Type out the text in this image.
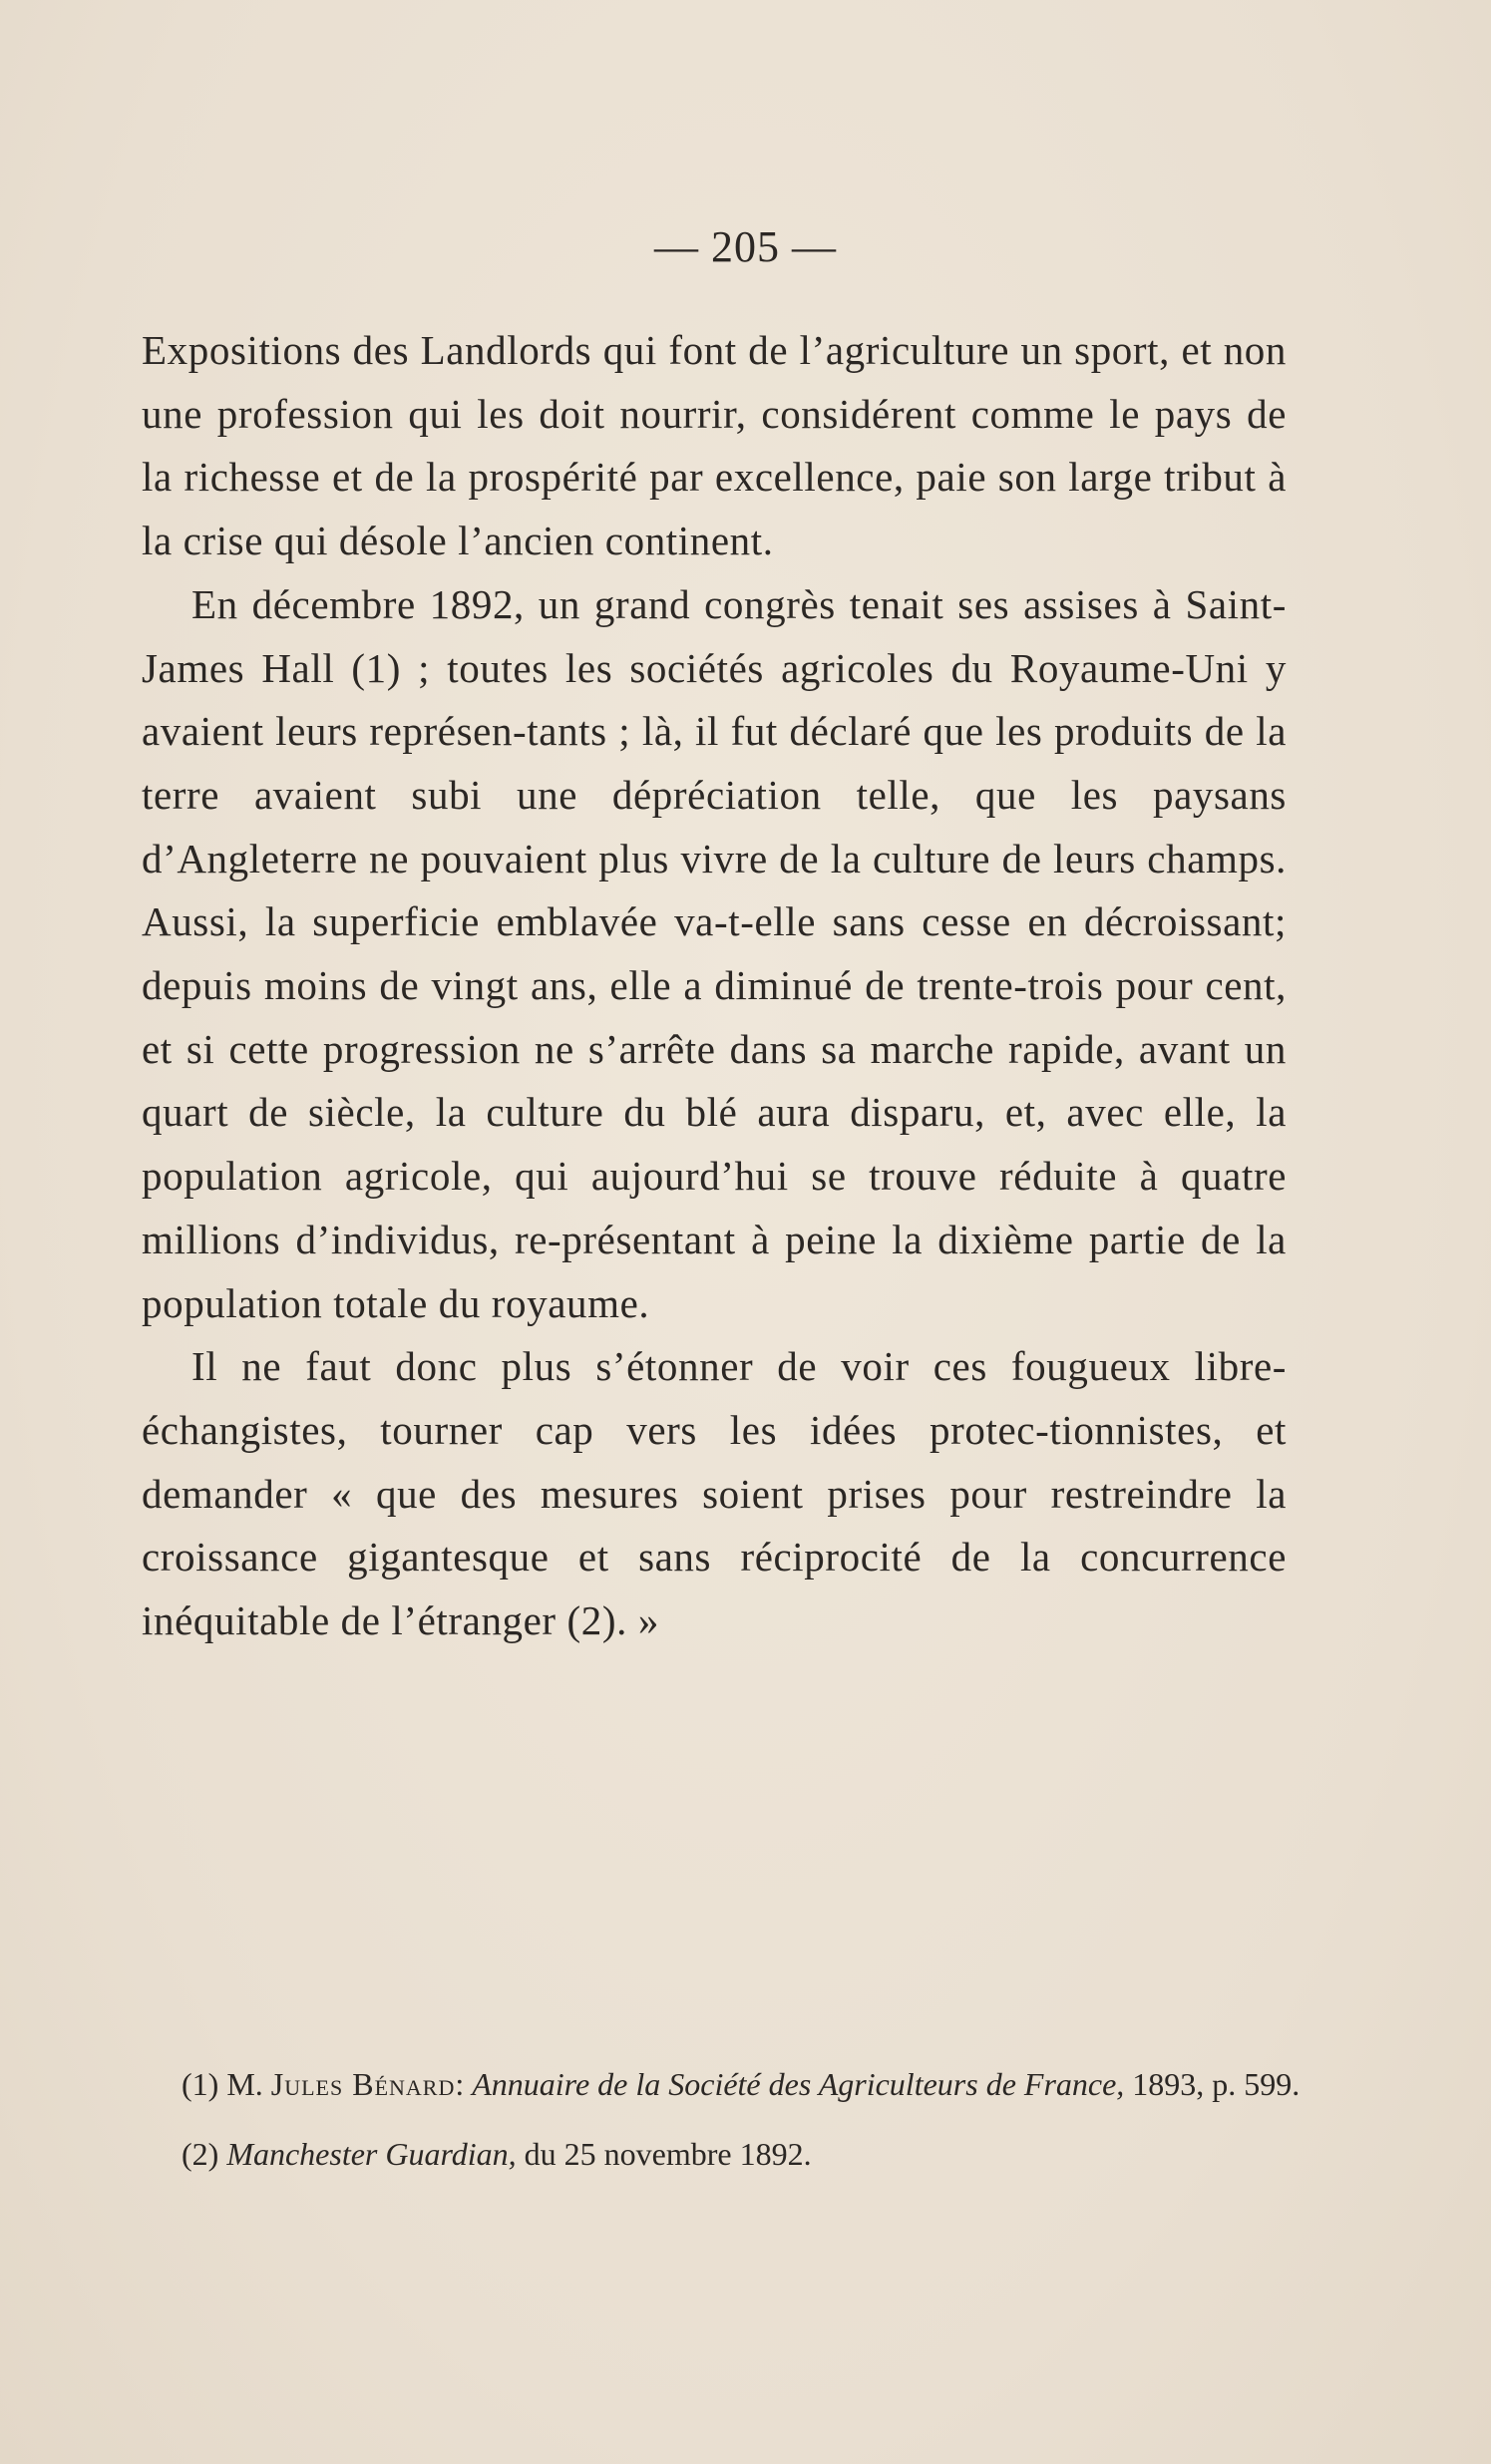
— 205 —

Expositions des Landlords qui font de l’agriculture un sport, et non une profession qui les doit nourrir, considérent comme le pays de la richesse et de la prospérité par excellence, paie son large tribut à la crise qui désole l’ancien continent.

En décembre 1892, un grand congrès tenait ses assises à Saint-James Hall (1) ; toutes les sociétés agricoles du Royaume-Uni y avaient leurs représen-tants ; là, il fut déclaré que les produits de la terre avaient subi une dépréciation telle, que les paysans d’Angleterre ne pouvaient plus vivre de la culture de leurs champs. Aussi, la superficie emblavée va-t-elle sans cesse en décroissant; depuis moins de vingt ans, elle a diminué de trente-trois pour cent, et si cette progression ne s’arrête dans sa marche rapide, avant un quart de siècle, la culture du blé aura disparu, et, avec elle, la population agricole, qui aujourd’hui se trouve réduite à quatre millions d’individus, re-présentant à peine la dixième partie de la population totale du royaume.

Il ne faut donc plus s’étonner de voir ces fougueux libre-échangistes, tourner cap vers les idées protec-tionnistes, et demander « que des mesures soient prises pour restreindre la croissance gigantesque et sans réciprocité de la concurrence inéquitable de l’étranger (2). »

(1) M. Jules Bénard: Annuaire de la Société des Agriculteurs de France, 1893, p. 599.

(2) Manchester Guardian, du 25 novembre 1892.
